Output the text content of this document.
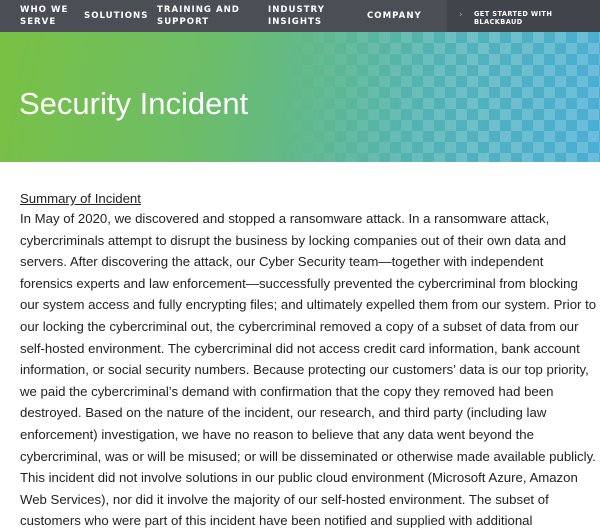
WHO WE
SERVE
SOLUTIONS
TRAINING AND
SUPPORT
INDUSTRY
INSIGHTS
COMPANY	› GET STARTED WITH BLACKBAUD
Security Incident
Summary of Incident
In May of 2020, we discovered and stopped a ransomware attack. In a ransomware attack,
cybercriminals attempt to disrupt the business by locking companies out of their own data and
servers. After discovering the attack, our Cyber Security team—together with independent
forensics experts and law enforcement—successfully prevented the cybercriminal from blocking
our system access and fully encrypting files; and ultimately expelled them from our system. Prior to
our locking the cybercriminal out, the cybercriminal removed a copy of a subset of data from our
self-hosted environment. The cybercriminal did not access credit card information, bank account
information, or social security numbers. Because protecting our customers’ data is our top priority,
we paid the cybercriminal’s demand with confirmation that the copy they removed had been
destroyed. Based on the nature of the incident, our research, and third party (including law
enforcement) investigation, we have no reason to believe that any data went beyond the
cybercriminal, was or will be misused; or will be disseminated or otherwise made available publicly.
This incident did not involve solutions in our public cloud environment (Microsoft Azure, Amazon
Web Services), nor did it involve the majority of our self-hosted environment. The subset of
customers who were part of this incident have been notified and supplied with additional
